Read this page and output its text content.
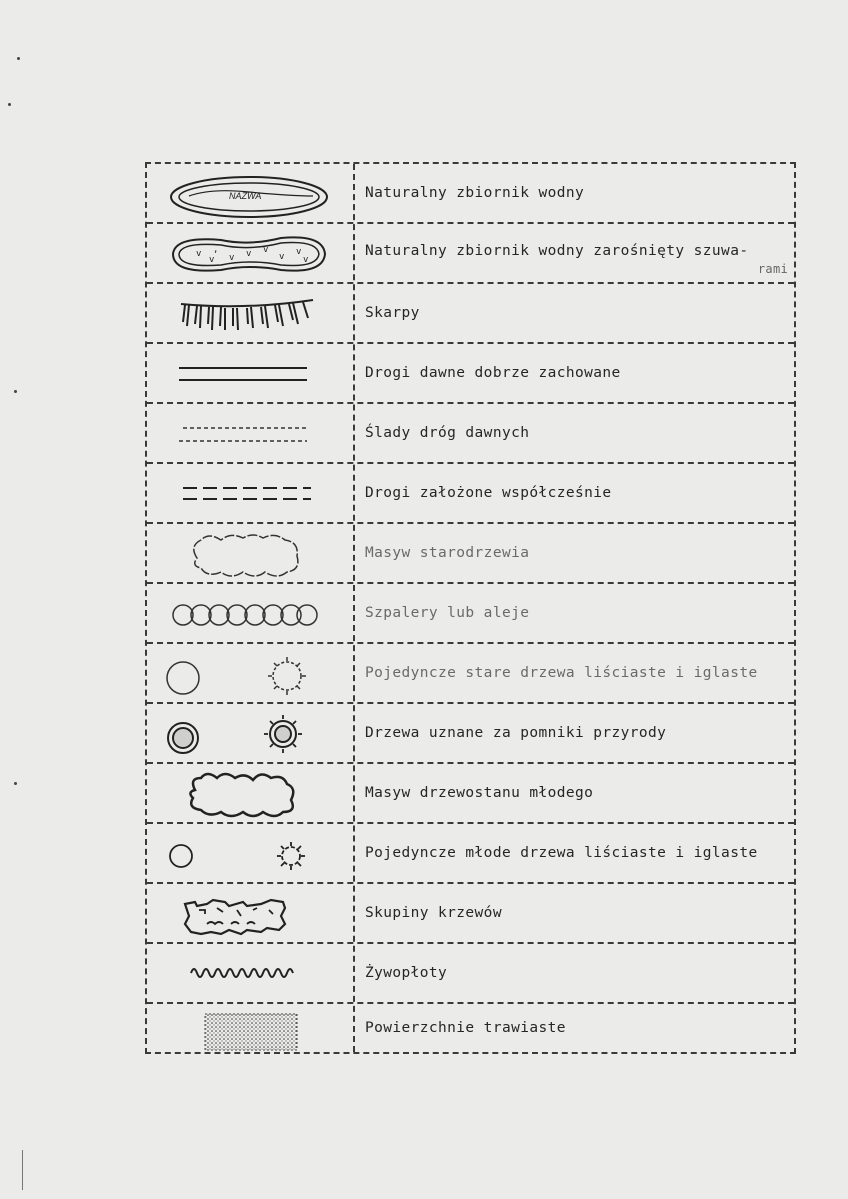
NAZWA	Naturalny zbiornik wodny
v ,
v v v
v v
v
v
Naturalny zbiornik wodny zarośnięty szuwa-
rami
Skarpy
Drogi dawne dobrze zachowane
Ślady dróg dawnych
Drogi założone współcześnie
Masyw starodrzewia
Szpalery lub aleje
Pojedyncze stare drzewa liściaste i iglaste
Drzewa uznane za pomniki przyrody
Masyw drzewostanu młodego
Pojedyncze młode drzewa liściaste i iglaste
Skupiny krzewów
Żywopłoty
Powierzchnie trawiaste
